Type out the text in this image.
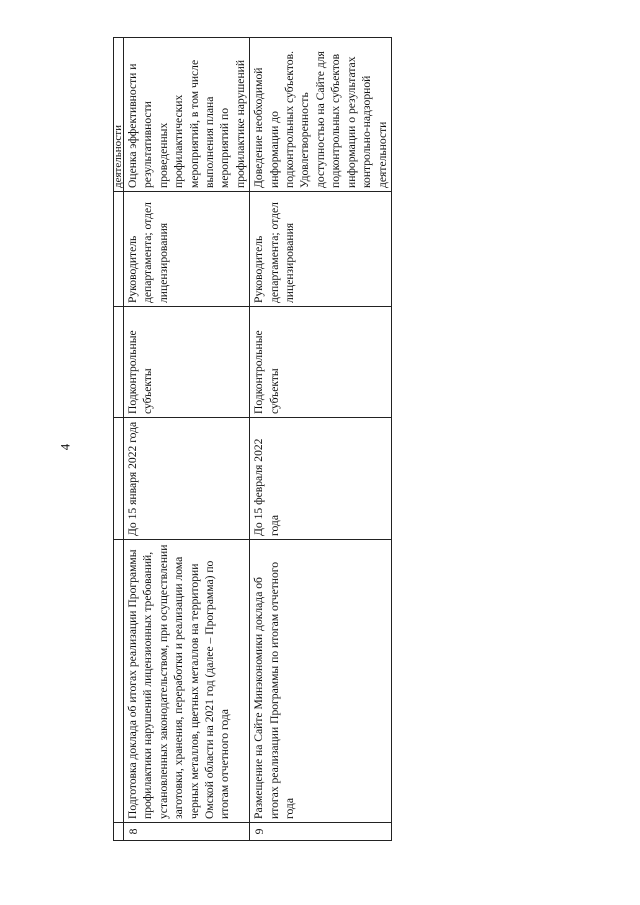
4

					деятельности

8	Подготовка доклада об итогах реализации Программы профилактики нарушений лицензионных требований, установленных законодательством, при осуществлении заготовки, хранения, переработки и реализации лома черных металлов, цветных металлов на территории Омской области на 2021 год (далее – Программа) по итогам отчетного года	До 15 января 2022 года	Подконтрольные субъекты	Руководитель департамента; отдел лицензирования	Оценка эффективности и результативности проведенных профилактических мероприятий, в том числе выполнения плана мероприятий по профилактике нарушений
9	Размещение на Сайте Минэкономики доклада об итогах реализации Программы по итогам отчетного года	До 15 февраля 2022 года	Подконтрольные субъекты	Руководитель департамента; отдел лицензирования	Доведение необходимой информации до подконтрольных субъектов. Удовлетворенность доступностью на Сайте для подконтрольных субъектов информации о результатах контрольно-надзорной деятельности
